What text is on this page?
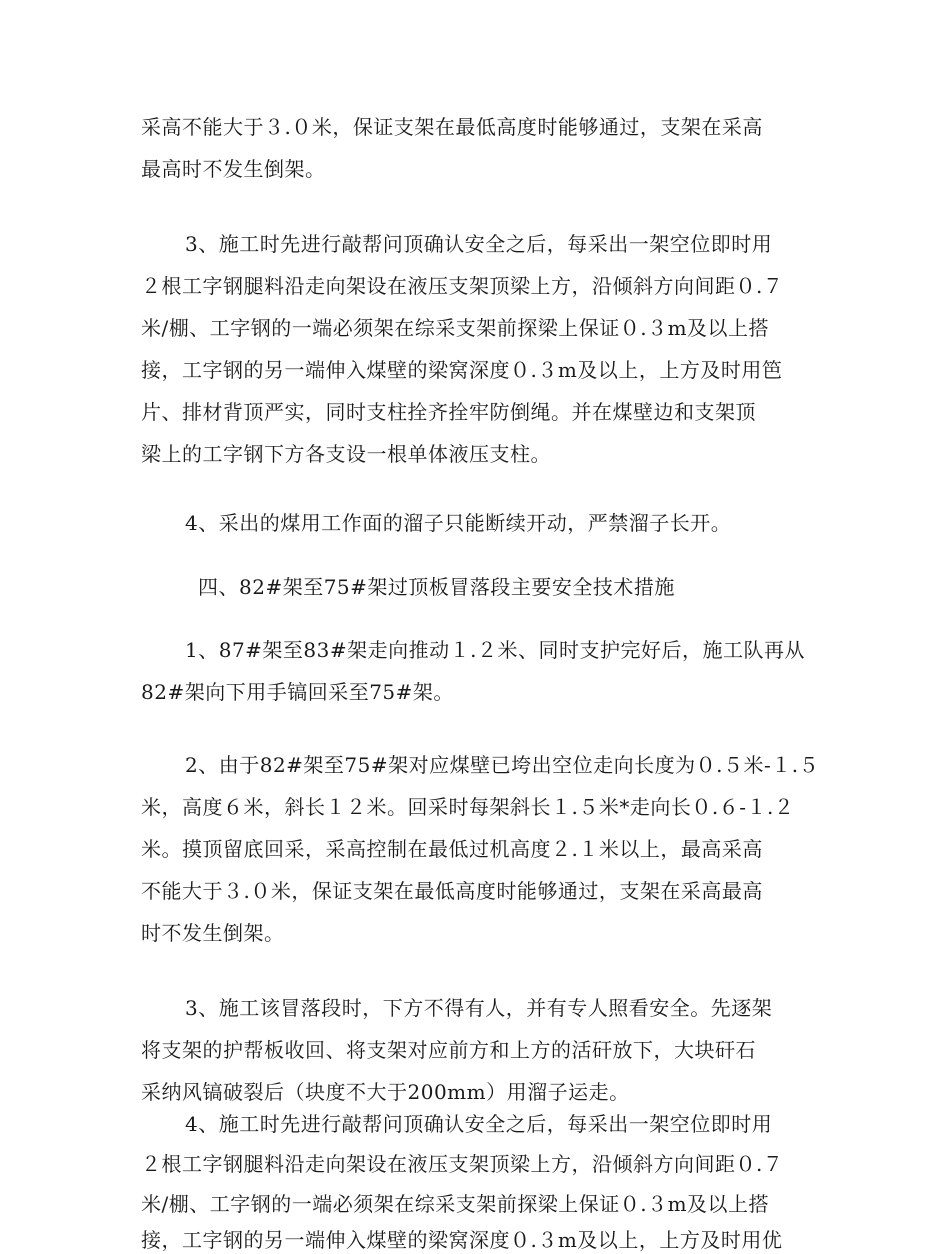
采高不能大于３.０米，保证支架在最低高度时能够通过，支架在采高
最高时不发生倒架。
3、施工时先进行敲帮问顶确认安全之后，每采出一架空位即时用
２根工字钢腿料沿走向架设在液压支架顶梁上方，沿倾斜方向间距０.７
米/棚、工字钢的一端必须架在综采支架前探梁上保证０.３m及以上搭
接，工字钢的另一端伸入煤壁的梁窝深度０.３m及以上，上方及时用笆
片、排材背顶严实，同时支柱拴齐拴牢防倒绳。并在煤壁边和支架顶
梁上的工字钢下方各支设一根单体液压支柱。
4、采出的煤用工作面的溜子只能断续开动，严禁溜子长开。
四、82#架至75#架过顶板冒落段主要安全技术措施
1、87#架至83#架走向推动１.２米、同时支护完好后，施工队再从
82#架向下用手镐回采至75#架。
2、由于82#架至75#架对应煤壁已垮出空位走向长度为０.５米-１.５
米，高度６米，斜长１２米。回采时每架斜长１.５米*走向长０.６-１.２
米。摸顶留底回采，采高控制在最低过机高度２.１米以上，最高采高
不能大于３.０米，保证支架在最低高度时能够通过，支架在采高最高
时不发生倒架。
3、施工该冒落段时，下方不得有人，并有专人照看安全。先逐架
将支架的护帮板收回、将支架对应前方和上方的活矸放下，大块矸石
采纳风镐破裂后（块度不大于200mm）用溜子运走。
4、施工时先进行敲帮问顶确认安全之后，每采出一架空位即时用
２根工字钢腿料沿走向架设在液压支架顶梁上方，沿倾斜方向间距０.７
米/棚、工字钢的一端必须架在综采支架前探梁上保证０.３m及以上搭
接，工字钢的另一端伸入煤壁的梁窝深度０.３m及以上，上方及时用优
